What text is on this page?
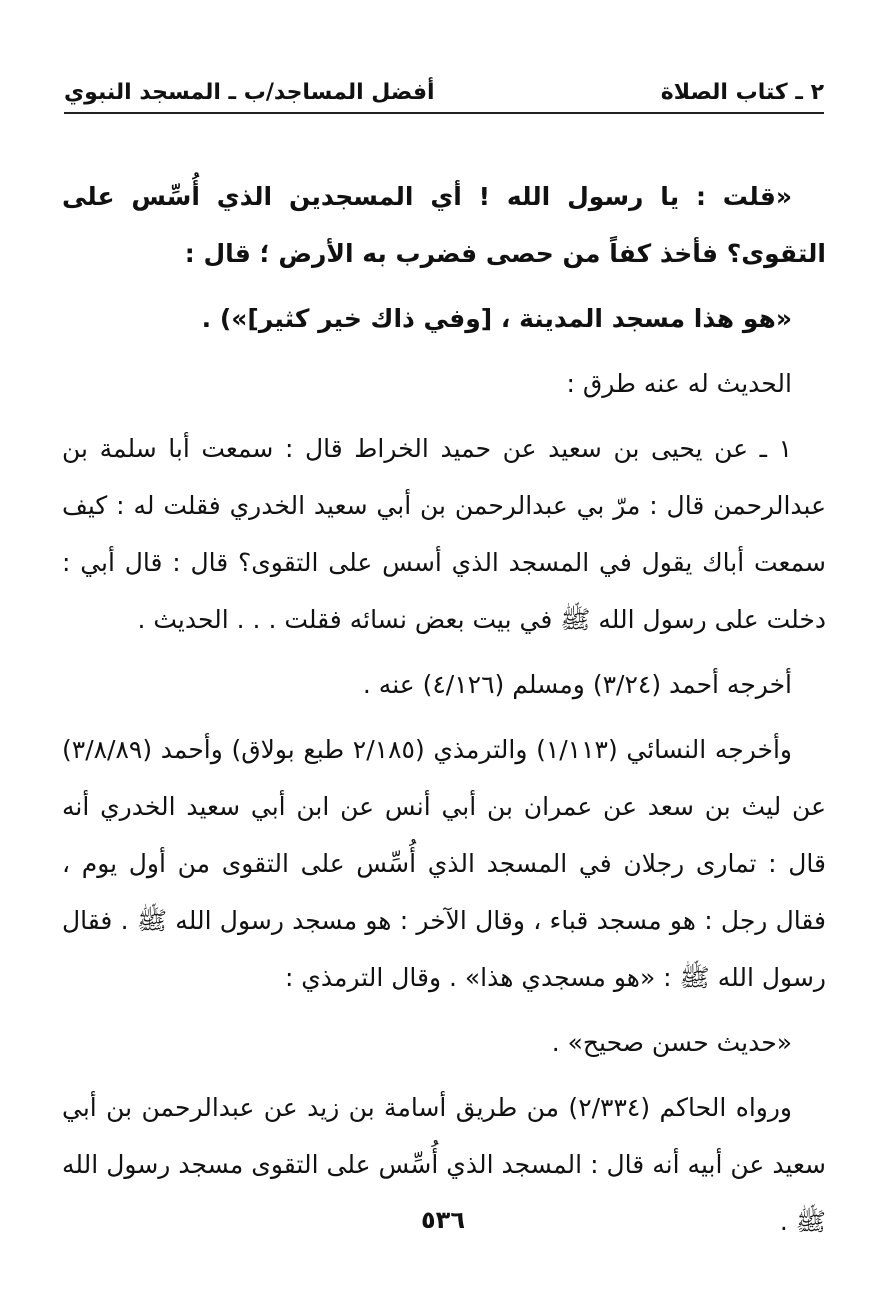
٢ ـ كتاب الصلاة
أفضل المساجد/ب ـ المسجد النبوي

«قلت : يا رسول الله ! أي المسجدين الذي أُسِّس على التقوى؟ فأخذ كفاً من حصى فضرب به الأرض ؛ قال :

«هو هذا مسجد المدينة ، [وفي ذاك خير كثير]») .

الحديث له عنه طرق :

١ ـ عن يحيى بن سعيد عن حميد الخراط قال : سمعت أبا سلمة بن عبدالرحمن قال : مرّ بي عبدالرحمن بن أبي سعيد الخدري فقلت له : كيف سمعت أباك يقول في المسجد الذي أسس على التقوى؟ قال : قال أبي : دخلت على رسول الله ﷺ في بيت بعض نسائه فقلت . . . الحديث .

أخرجه أحمد (٣/٢٤) ومسلم (٤/١٢٦) عنه .

وأخرجه النسائي (١/١١٣) والترمذي (٢/١٨٥ طبع بولاق) وأحمد (٣/٨/٨٩) عن ليث بن سعد عن عمران بن أبي أنس عن ابن أبي سعيد الخدري أنه قال : تمارى رجلان في المسجد الذي أُسِّس على التقوى من أول يوم ، فقال رجل : هو مسجد قباء ، وقال الآخر : هو مسجد رسول الله ﷺ . فقال رسول الله ﷺ : «هو مسجدي هذا» . وقال الترمذي :

«حديث حسن صحيح» .

ورواه الحاكم (٢/٣٣٤) من طريق أسامة بن زيد عن عبدالرحمن بن أبي سعيد عن أبيه أنه قال : المسجد الذي أُسِّس على التقوى مسجد رسول الله ﷺ .

٥٣٦
